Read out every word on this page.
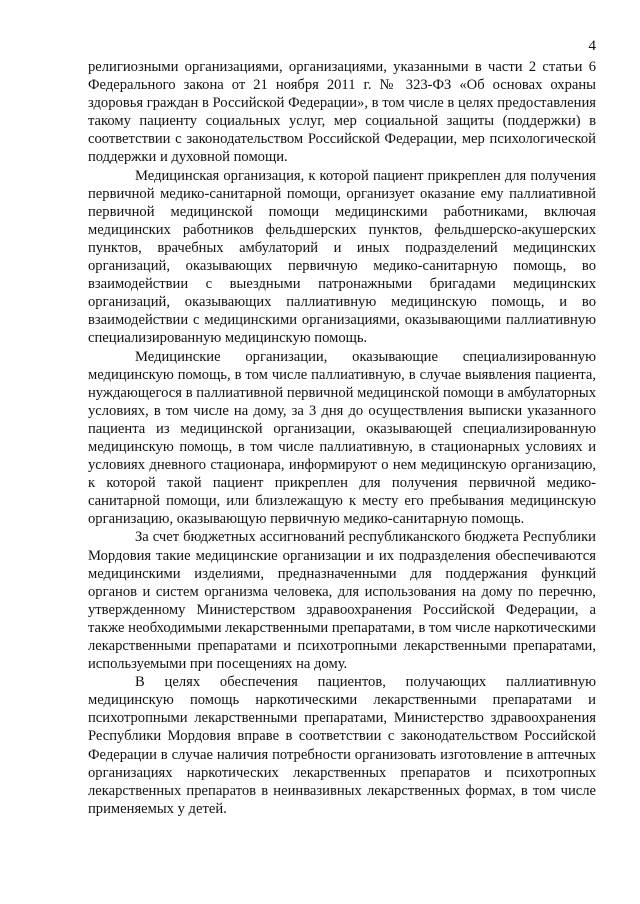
4

религиозными организациями, организациями, указанными в части 2 статьи 6 Федерального закона от 21 ноября 2011 г. № 323-ФЗ «Об основах охраны здоровья граждан в Российской Федерации», в том числе в целях предоставления такому пациенту социальных услуг, мер социальной защиты (поддержки) в соответствии с законодательством Российской Федерации, мер психологической поддержки и духовной помощи.

Медицинская организация, к которой пациент прикреплен для получения первичной медико-санитарной помощи, организует оказание ему паллиативной первичной медицинской помощи медицинскими работниками, включая медицинских работников фельдшерских пунктов, фельдшерско-акушерских пунктов, врачебных амбулаторий и иных подразделений медицинских организаций, оказывающих первичную медико-санитарную помощь, во взаимодействии с выездными патронажными бригадами медицинских организаций, оказывающих паллиативную медицинскую помощь, и во взаимодействии с медицинскими организациями, оказывающими паллиативную специализированную медицинскую помощь.

Медицинские организации, оказывающие специализированную медицинскую помощь, в том числе паллиативную, в случае выявления пациента, нуждающегося в паллиативной первичной медицинской помощи в амбулаторных условиях, в том числе на дому, за 3 дня до осуществления выписки указанного пациента из медицинской организации, оказывающей специализированную медицинскую помощь, в том числе паллиативную, в стационарных условиях и условиях дневного стационара, информируют о нем медицинскую организацию, к которой такой пациент прикреплен для получения первичной медико-санитарной помощи, или близлежащую к месту его пребывания медицинскую организацию, оказывающую первичную медико-санитарную помощь.

За счет бюджетных ассигнований республиканского бюджета Республики Мордовия такие медицинские организации и их подразделения обеспечиваются медицинскими изделиями, предназначенными для поддержания функций органов и систем организма человека, для использования на дому по перечню, утвержденному Министерством здравоохранения Российской Федерации, а также необходимыми лекарственными препаратами, в том числе наркотическими лекарственными препаратами и психотропными лекарственными препаратами, используемыми при посещениях на дому.

В целях обеспечения пациентов, получающих паллиативную медицинскую помощь наркотическими лекарственными препаратами и психотропными лекарственными препаратами, Министерство здравоохранения Республики Мордовия вправе в соответствии с законодательством Российской Федерации в случае наличия потребности организовать изготовление в аптечных организациях наркотических лекарственных препаратов и психотропных лекарственных препаратов в неинвазивных лекарственных формах, в том числе применяемых у детей.
